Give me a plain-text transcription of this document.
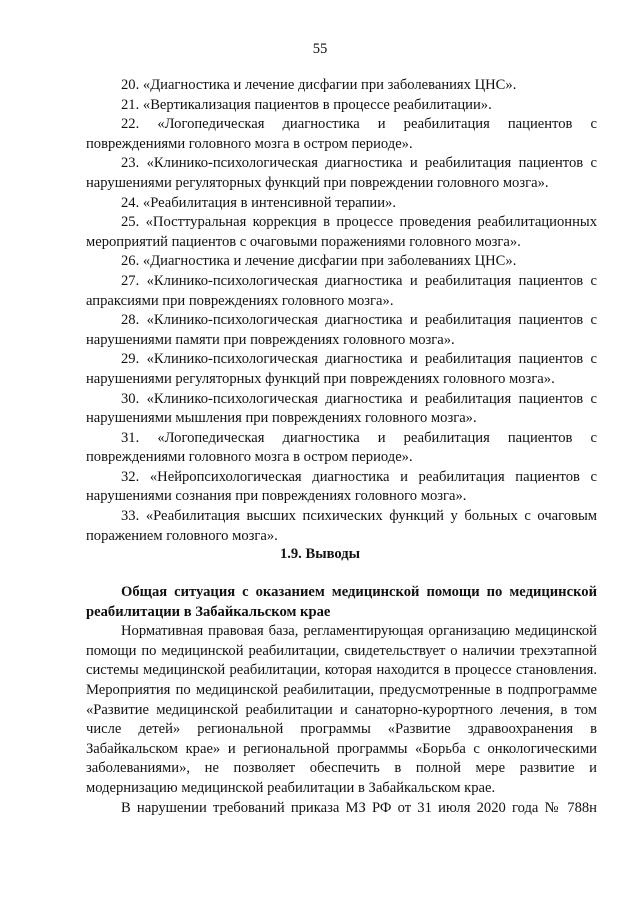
55

20. «Диагностика и лечение дисфагии при заболеваниях ЦНС».

21. «Вертикализация пациентов в процессе реабилитации».

22. «Логопедическая диагностика и реабилитация пациентов с повреждениями головного мозга в остром периоде».

23. «Клинико-психологическая диагностика и реабилитация пациентов с нарушениями регуляторных функций при повреждении головного мозга».

24. «Реабилитация в интенсивной терапии».

25. «Посттуральная коррекция в процессе проведения реабилитационных мероприятий пациентов с очаговыми поражениями головного мозга».

26. «Диагностика и лечение дисфагии при заболеваниях ЦНС».

27. «Клинико-психологическая диагностика и реабилитация пациентов с апраксиями при повреждениях головного мозга».

28. «Клинико-психологическая диагностика и реабилитация пациентов с нарушениями памяти при повреждениях головного мозга».

29. «Клинико-психологическая диагностика и реабилитация пациентов с нарушениями регуляторных функций при повреждениях головного мозга».

30. «Клинико-психологическая диагностика и реабилитация пациентов с нарушениями мышления при повреждениях головного мозга».

31. «Логопедическая диагностика и реабилитация пациентов с повреждениями головного мозга в остром периоде».

32. «Нейропсихологическая диагностика и реабилитация пациентов с нарушениями сознания при повреждениях головного мозга».

33. «Реабилитация высших психических функций у больных с очаговым поражением головного мозга».

1.9. Выводы

Общая ситуация с оказанием медицинской помощи по медицинской реабилитации в Забайкальском крае

Нормативная правовая база, регламентирующая организацию медицинской помощи по медицинской реабилитации, свидетельствует о наличии трехэтапной системы медицинской реабилитации, которая находится в процессе становления. Мероприятия по медицинской реабилитации, предусмотренные в подпрограмме «Развитие медицинской реабилитации и санаторно-курортного лечения, в том числе детей» региональной программы «Развитие здравоохранения в Забайкальском крае» и региональной программы «Борьба с онкологическими заболеваниями», не позволяет обеспечить в полной мере развитие и модернизацию медицинской реабилитации в Забайкальском крае.

В нарушении требований приказа МЗ РФ от 31 июля 2020 года № 788н
